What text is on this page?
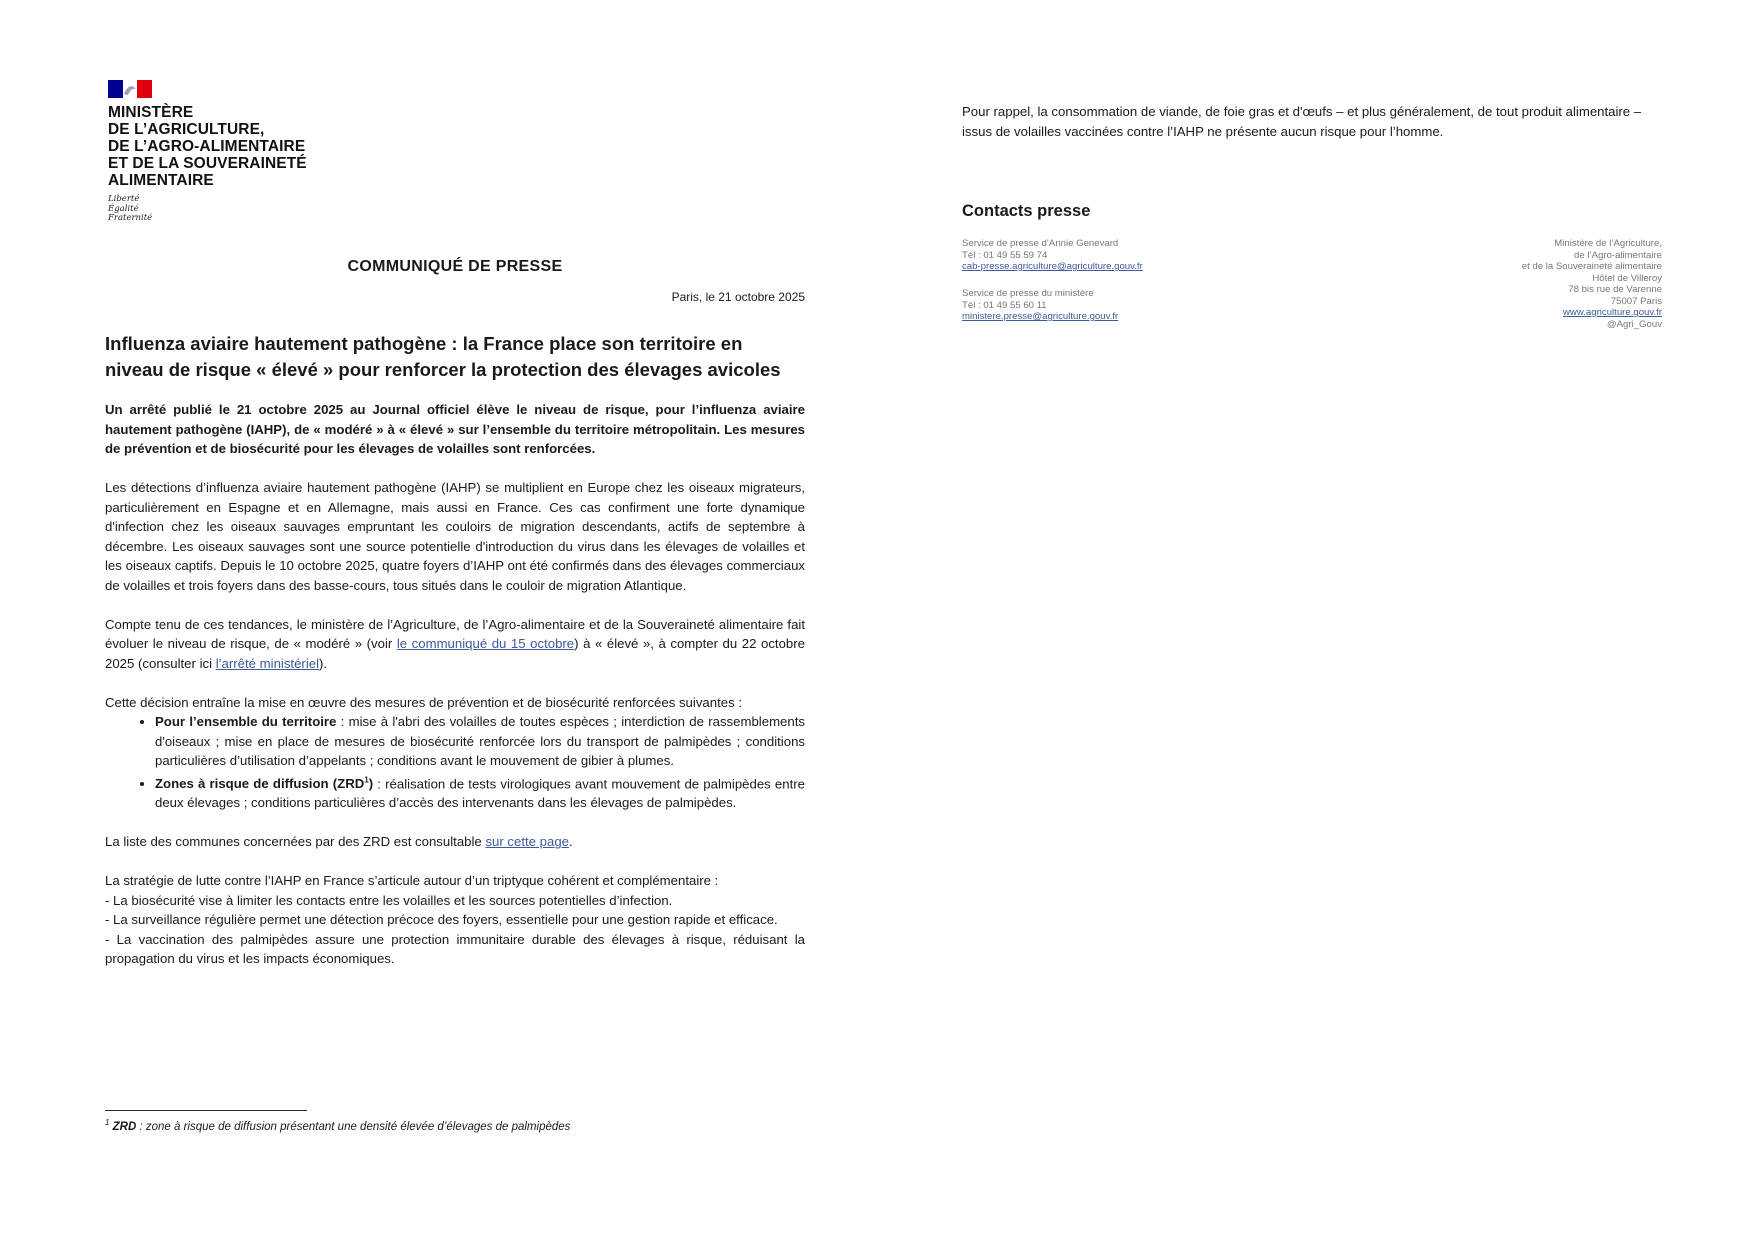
MINISTÈRE
DE L’AGRICULTURE,
DE L’AGRO-ALIMENTAIRE
ET DE LA SOUVERAINETÉ
ALIMENTAIRE
Liberté
Égalité
Fraternité
COMMUNIQUÉ DE PRESSE
Paris, le 21 octobre 2025
Influenza aviaire hautement pathogène : la France place son territoire en niveau de risque « élevé » pour renforcer la protection des élevages avicoles

Un arrêté publié le 21 octobre 2025 au Journal officiel élève le niveau de risque, pour l’influenza aviaire hautement pathogène (IAHP), de « modéré » à « élevé » sur l’ensemble du territoire métropolitain. Les mesures de prévention et de biosécurité pour les élevages de volailles sont renforcées.

Les détections d’influenza aviaire hautement pathogène (IAHP) se multiplient en Europe chez les oiseaux migrateurs, particulièrement en Espagne et en Allemagne, mais aussi en France. Ces cas confirment une forte dynamique d'infection chez les oiseaux sauvages empruntant les couloirs de migration descendants, actifs de septembre à décembre. Les oiseaux sauvages sont une source potentielle d'introduction du virus dans les élevages de volailles et les oiseaux captifs. Depuis le 10 octobre 2025, quatre foyers d’IAHP ont été confirmés dans des élevages commerciaux de volailles et trois foyers dans des basse-cours, tous situés dans le couloir de migration Atlantique.

Compte tenu de ces tendances, le ministère de l’Agriculture, de l’Agro-alimentaire et de la Souveraineté alimentaire fait évoluer le niveau de risque, de « modéré » (voir le communiqué du 15 octobre) à « élevé », à compter du 22 octobre 2025 (consulter ici l’arrêté ministériel).

Cette décision entraîne la mise en œuvre des mesures de prévention et de biosécurité renforcées suivantes :

• Pour l’ensemble du territoire : mise à l'abri des volailles de toutes espèces ; interdiction de rassemblements d'oiseaux ; mise en place de mesures de biosécurité renforcée lors du transport de palmipèdes ; conditions particulières d’utilisation d’appelants ; conditions avant le mouvement de gibier à plumes.
• Zones à risque de diffusion (ZRD$^1$) : réalisation de tests virologiques avant mouvement de palmipèdes entre deux élevages ; conditions particulières d’accès des intervenants dans les élevages de palmipèdes.

La liste des communes concernées par des ZRD est consultable sur cette page.

La stratégie de lutte contre l’IAHP en France s’articule autour d’un triptyque cohérent et complémentaire :
- La biosécurité vise à limiter les contacts entre les volailles et les sources potentielles d’infection.
- La surveillance régulière permet une détection précoce des foyers, essentielle pour une gestion rapide et efficace.
- La vaccination des palmipèdes assure une protection immunitaire durable des élevages à risque, réduisant la propagation du virus et les impacts économiques.

$^1$ ZRD : zone à risque de diffusion présentant une densité élevée d’élevages de palmipèdes
Pour rappel, la consommation de viande, de foie gras et d'œufs – et plus généralement, de tout produit alimentaire – issus de volailles vaccinées contre l’IAHP ne présente aucun risque pour l’homme.
Contacts presse
Service de presse d’Annie Genevard
Tél : 01 49 55 59 74
cab-presse.agriculture@agriculture.gouv.fr
Service de presse du ministère
Tél : 01 49 55 60 11
ministere.presse@agriculture.gouv.fr
Ministère de l’Agriculture,
de l’Agro-alimentaire
et de la Souveraineté alimentaire
Hôtel de Villeroy
78 bis rue de Varenne
75007 Paris
www.agriculture.gouv.fr
@Agri_Gouv
